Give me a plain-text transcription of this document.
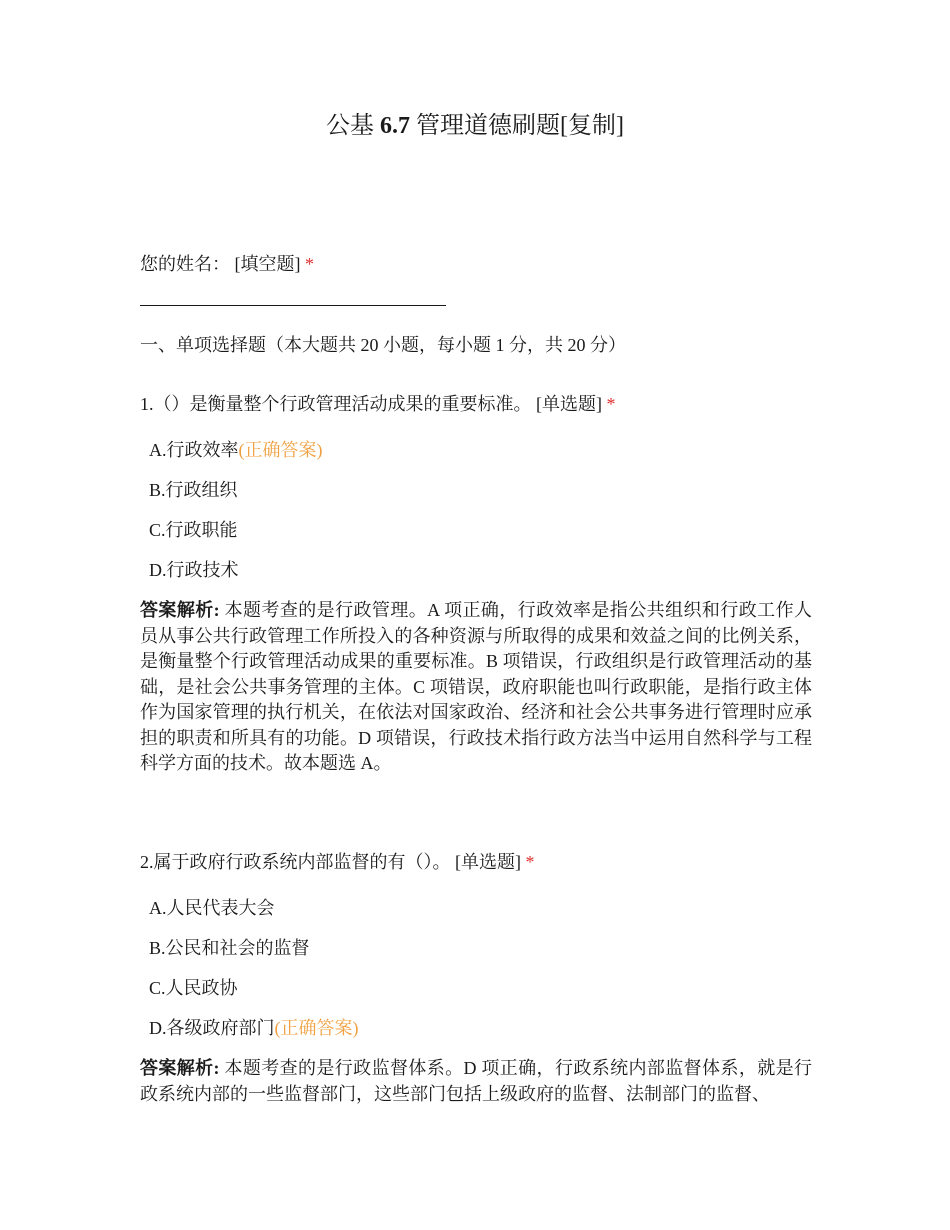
公基 6.7 管理道德刷题[复制]
您的姓名： [填空题] *
一、单项选择题（本大题共 20 小题，每小题 1 分，共 20 分）
1.（）是衡量整个行政管理活动成果的重要标准。 [单选题] *
A.行政效率(正确答案)
B.行政组织
C.行政职能
D.行政技术
答案解析: 本题考查的是行政管理。A 项正确，行政效率是指公共组织和行政工作人员从事公共行政管理工作所投入的各种资源与所取得的成果和效益之间的比例关系，是衡量整个行政管理活动成果的重要标准。B 项错误，行政组织是行政管理活动的基础，是社会公共事务管理的主体。C 项错误，政府职能也叫行政职能，是指行政主体作为国家管理的执行机关，在依法对国家政治、经济和社会公共事务进行管理时应承担的职责和所具有的功能。D 项错误，行政技术指行政方法当中运用自然科学与工程科学方面的技术。故本题选 A。
2.属于政府行政系统内部监督的有（）。 [单选题] *
A.人民代表大会
B.公民和社会的监督
C.人民政协
D.各级政府部门(正确答案)
答案解析: 本题考查的是行政监督体系。D 项正确，行政系统内部监督体系，就是行政系统内部的一些监督部门，这些部门包括上级政府的监督、法制部门的监督、
